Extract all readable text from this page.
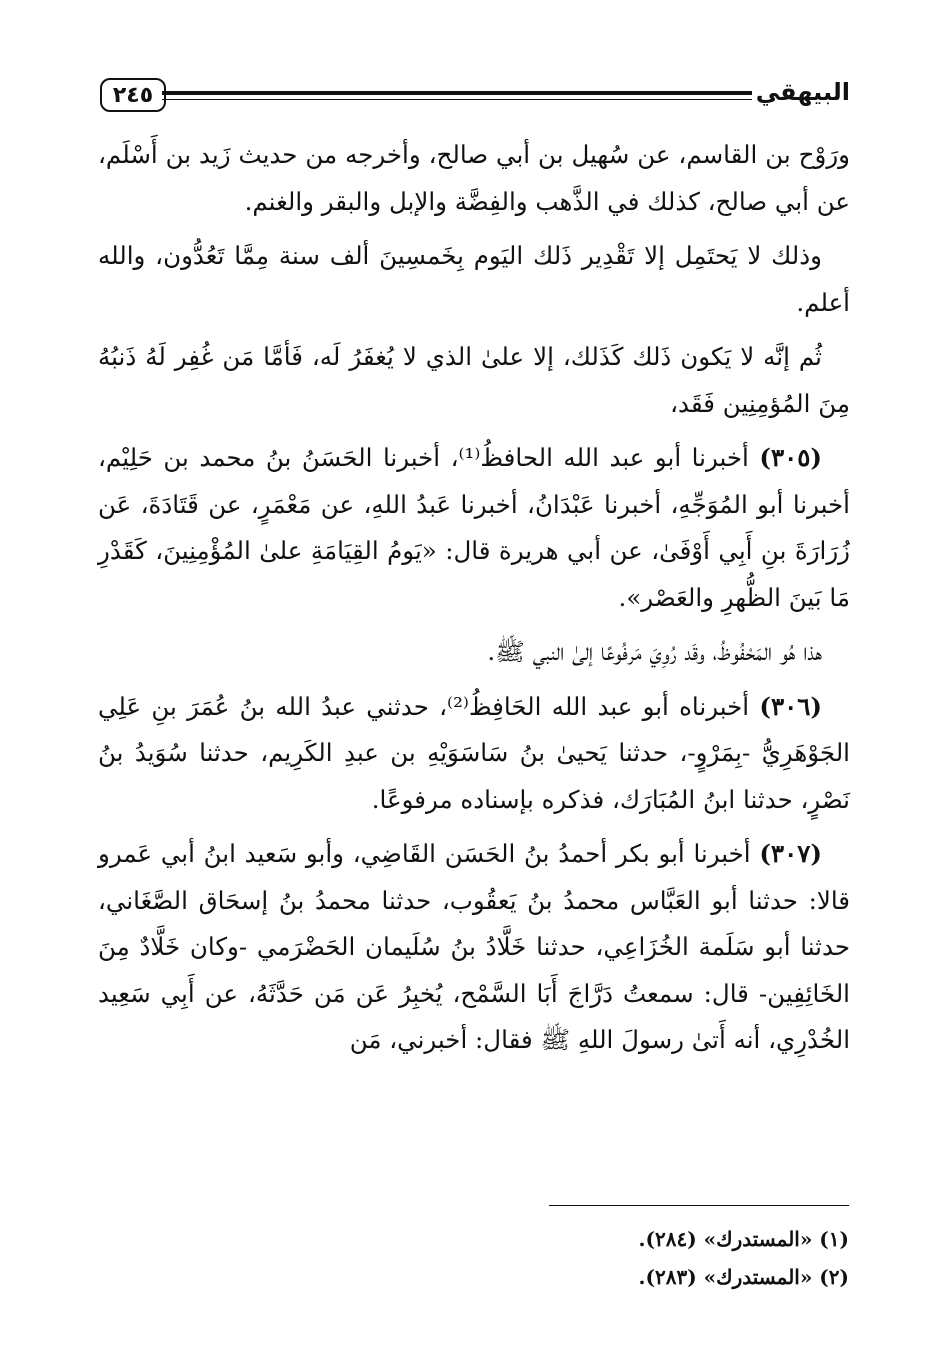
٢٤٥	البيهقي

ورَوْح بن القاسم، عن سُهيل بن أبي صالح، وأخرجه من حديث زَيد بن أَسْلَم، عن أبي صالح، كذلك في الذَّهب والفِضَّة والإبل والبقر والغنم.

وذلك لا يَحتَمِل إلا تَقْدِير ذَلك اليَوم بِخَمسِينَ ألف سنة مِمَّا تَعُدُّون، والله أعلم.

ثُم إنَّه لا يَكون ذَلك كَذَلك، إلا علىٰ الذي لا يُغفَرُ لَه، فَأمَّا مَن غُفِر لَهُ ذَنبُهُ مِنَ المُؤمِنِين فَقَد،

(٣٠٥) أخبرنا أبو عبد الله الحافظُ⁽¹⁾، أخبرنا الحَسَنُ بنُ محمد بن حَلِيْم، أخبرنا أبو المُوَجِّهِ، أخبرنا عَبْدَانُ، أخبرنا عَبدُ اللهِ، عن مَعْمَرٍ، عن قَتَادَةَ، عَن زُرَارَةَ بنِ أَبِي أَوْفَىٰ، عن أبي هريرة قال: «يَومُ القِيَامَةِ علىٰ المُؤْمِنِينَ، كَقَدْرِ مَا بَينَ الظُّهرِ والعَصْر».

هذا هُو المَحْفُوظُ، وقَد رُوِيَ مَرفُوعًا إلىٰ النبي ﷺ.

(٣٠٦) أخبرناه أبو عبد الله الحَافِظُ⁽²⁾، حدثني عبدُ الله بنُ عُمَرَ بنِ عَلِي الجَوْهَرِيُّ -بِمَرْوٍ-، حدثنا يَحيىٰ بنُ سَاسَوَيْهِ بن عبدِ الكَرِيم، حدثنا سُوَيدُ بنُ نَصْرٍ، حدثنا ابنُ المُبَارَك، فذكره بإسناده مرفوعًا.

(٣٠٧) أخبرنا أبو بكر أحمدُ بنُ الحَسَن القَاضِي، وأبو سَعيد ابنُ أبي عَمرو قالا: حدثنا أبو العَبَّاس محمدُ بنُ يَعقُوب، حدثنا محمدُ بنُ إسحَاق الصَّغَاني، حدثنا أبو سَلَمة الخُزَاعِي، حدثنا خَلَّادُ بنُ سُلَيمان الحَضْرَمي -وكان خَلَّادٌ مِنَ الخَائِفِين- قال: سمعتُ دَرَّاجَ أَبَا السَّمْح، يُخبِرُ عَن مَن حَدَّثَهُ، عن أَبِي سَعِيد الخُدْرِي، أنه أَتىٰ رسولَ اللهِ ﷺ فقال: أخبرني، مَن

(١) «المستدرك» (٢٨٤).

(٢) «المستدرك» (٢٨٣).
